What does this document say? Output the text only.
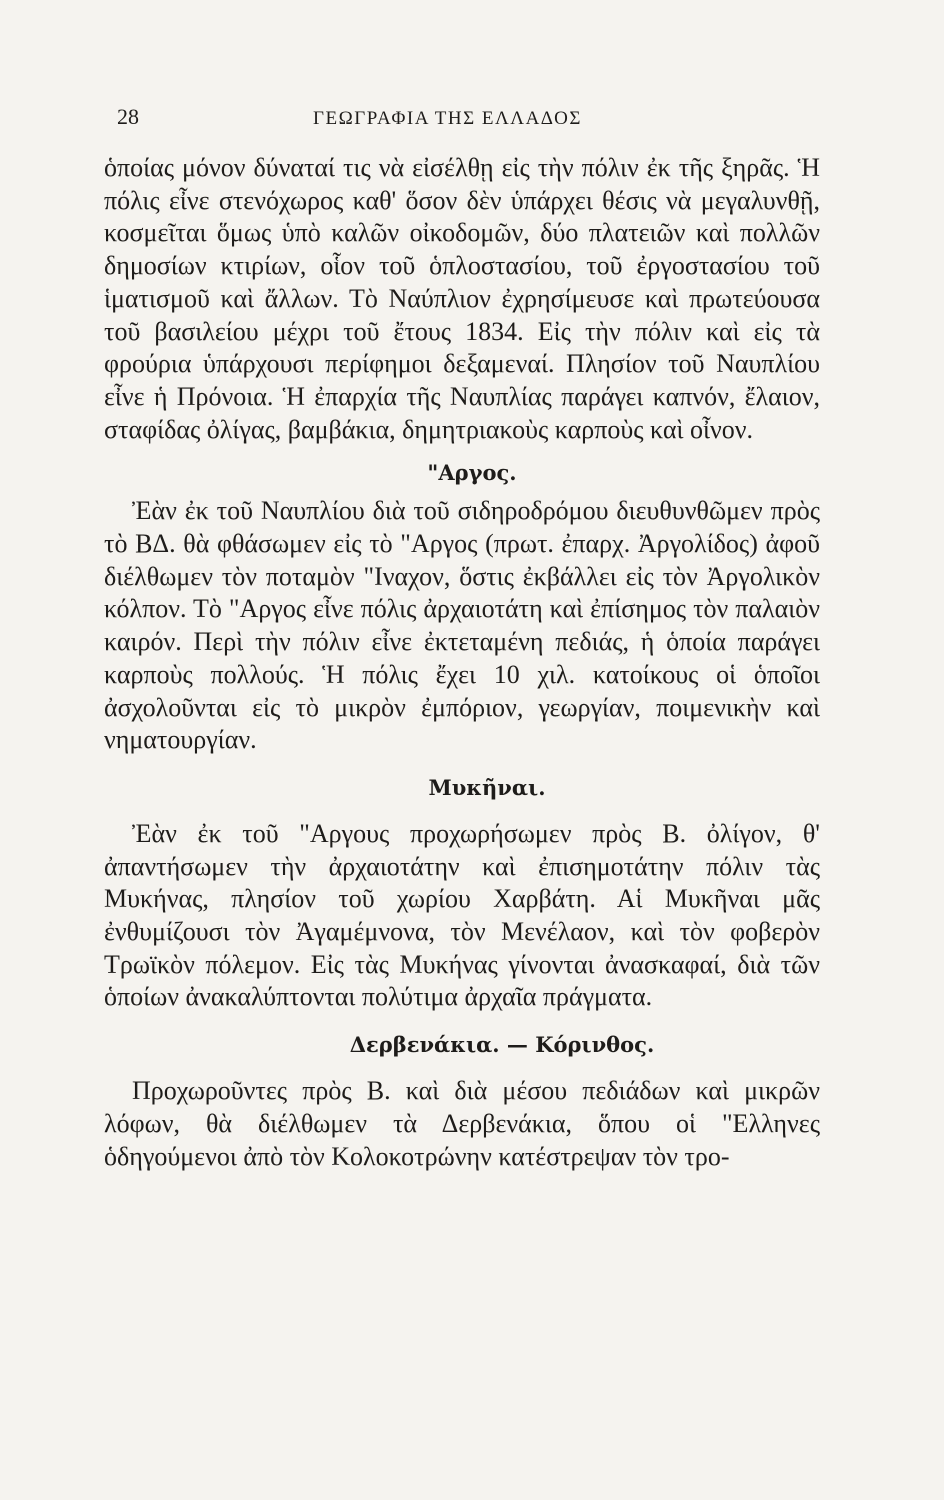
28	ΓΕΩΓΡΑΦΙΑ ΤΗΣ ΕΛΛΑΔΟΣ

ὁποίας μόνον δύναταί τις νὰ εἰσέλθῃ εἰς τὴν πόλιν ἐκ τῆς ξηρᾶς. Ἡ πόλις εἶνε στενόχωρος καθ' ὅσον δὲν ὑπάρχει θέσις νὰ μεγαλυνθῇ, κοσμεῖται ὅμως ὑπὸ καλῶν οἰκοδομῶν, δύο πλατειῶν καὶ πολλῶν δημοσίων κτιρίων, οἷον τοῦ ὁπλοστασίου, τοῦ ἐργοστασίου τοῦ ἱματισμοῦ καὶ ἄλλων. Τὸ Ναύπλιον ἐχρησίμευσε καὶ πρωτεύουσα τοῦ βασιλείου μέχρι τοῦ ἔτους 1834. Εἰς τὴν πόλιν καὶ εἰς τὰ φρούρια ὑπάρχουσι περίφημοι δεξαμεναί. Πλησίον τοῦ Ναυπλίου εἶνε ἡ Πρόνοια. Ἡ ἐπαρχία τῆς Ναυπλίας παράγει καπνόν, ἔλαιον, σταφίδας ὀλίγας, βαμβάκια, δημητριακοὺς καρποὺς καὶ οἶνον.

"Αργος.

Ἐὰν ἐκ τοῦ Ναυπλίου διὰ τοῦ σιδηροδρόμου διευθυνθῶμεν πρὸς τὸ ΒΔ. θὰ φθάσωμεν εἰς τὸ "Αργος (πρωτ. ἐπαρχ. Ἀργολίδος) ἀφοῦ διέλθωμεν τὸν ποταμὸν "Ιναχον, ὅστις ἐκβάλλει εἰς τὸν Ἀργολικὸν κόλπον. Τὸ "Αργος εἶνε πόλις ἀρχαιοτάτη καὶ ἐπίσημος τὸν παλαιὸν καιρόν. Περὶ τὴν πόλιν εἶνε ἐκτεταμένη πεδιάς, ἡ ὁποία παράγει καρποὺς πολλούς. Ἡ πόλις ἔχει 10 χιλ. κατοίκους οἱ ὁποῖοι ἀσχολοῦνται εἰς τὸ μικρὸν ἐμπόριον, γεωργίαν, ποιμενικὴν καὶ νηματουργίαν.

Μυκῆναι.

Ἐὰν ἐκ τοῦ "Αργους προχωρήσωμεν πρὸς Β. ὀλίγον, θ' ἀπαντήσωμεν τὴν ἀρχαιοτάτην καὶ ἐπισημοτάτην πόλιν τὰς Μυκήνας, πλησίον τοῦ χωρίου Χαρβάτη. Αἱ Μυκῆναι μᾶς ἐνθυμίζουσι τὸν Ἀγαμέμνονα, τὸν Μενέλαον, καὶ τὸν φοβερὸν Τρωϊκὸν πόλεμον. Εἰς τὰς Μυκήνας γίνονται ἀνασκαφαί, διὰ τῶν ὁποίων ἀνακαλύπτονται πολύτιμα ἀρχαῖα πράγματα.

Δερβενάκια. — Κόρινθος.

Προχωροῦντες πρὸς Β. καὶ διὰ μέσου πεδιάδων καὶ μικρῶν λόφων, θὰ διέλθωμεν τὰ Δερβενάκια, ὅπου οἱ "Ελληνες ὁδηγούμενοι ἀπὸ τὸν Κολοκοτρώνην κατέστρεψαν τὸν τρο-
